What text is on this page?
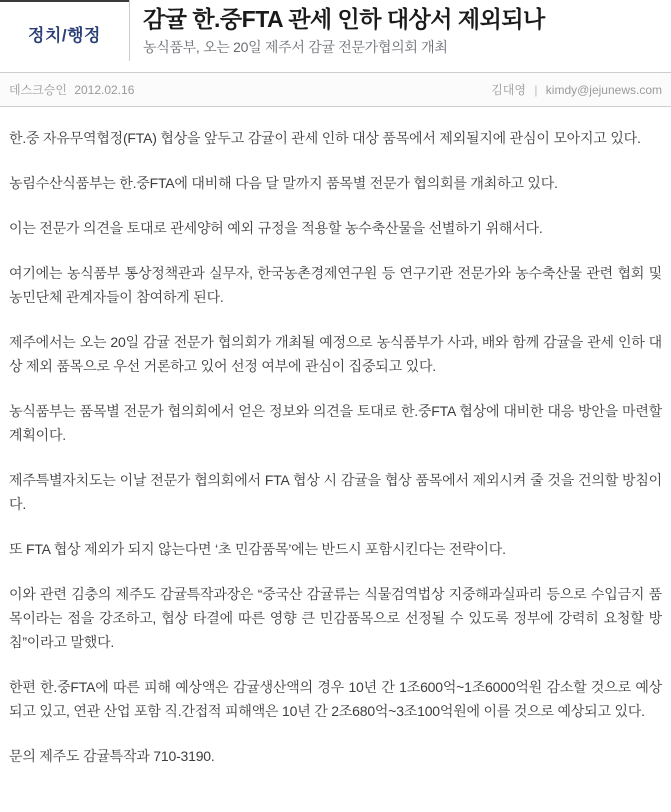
정치/행정
감귤 한.중FTA 관세 인하 대상서 제외되나

농식품부, 오는 20일 제주서 감귤 전문가협의회 개최

데스크승인 2012.02.16	김대영 | kimdy@jejunews.com

한.중 자유무역협정(FTA) 협상을 앞두고 감귤이 관세 인하 대상 품목에서 제외될지에 관심이 모아지고 있다.

농림수산식품부는 한.중FTA에 대비해 다음 달 말까지 품목별 전문가 협의회를 개최하고 있다.

이는 전문가 의견을 토대로 관세양허 예외 규정을 적용할 농수축산물을 선별하기 위해서다.

여기에는 농식품부 통상정책관과 실무자, 한국농촌경제연구원 등 연구기관 전문가와 농수축산물 관련 협회 및 농민단체 관계자들이 참여하게 된다.

제주에서는 오는 20일 감귤 전문가 협의회가 개최될 예정으로 농식품부가 사과, 배와 함께 감귤을 관세 인하 대상 제외 품목으로 우선 거론하고 있어 선정 여부에 관심이 집중되고 있다.

농식품부는 품목별 전문가 협의회에서 얻은 정보와 의견을 토대로 한.중FTA 협상에 대비한 대응 방안을 마련할 계획이다.

제주특별자치도는 이날 전문가 협의회에서 FTA 협상 시 감귤을 협상 품목에서 제외시켜 줄 것을 건의할 방침이다.

또 FTA 협상 제외가 되지 않는다면 ‘초 민감품목’에는 반드시 포함시킨다는 전략이다.

이와 관련 김충의 제주도 감귤특작과장은 “중국산 감귤류는 식물검역법상 지중해과실파리 등으로 수입금지 품목이라는 점을 강조하고, 협상 타결에 따른 영향 큰 민감품목으로 선정될 수 있도록 정부에 강력히 요청할 방침”이라고 말했다.

한편 한.중FTA에 따른 피해 예상액은 감귤생산액의 경우 10년 간 1조600억~1조6000억원 감소할 것으로 예상되고 있고, 연관 산업 포함 직.간접적 피해액은 10년 간 2조680억~3조100억원에 이를 것으로 예상되고 있다.

문의 제주도 감귤특작과 710-3190.
